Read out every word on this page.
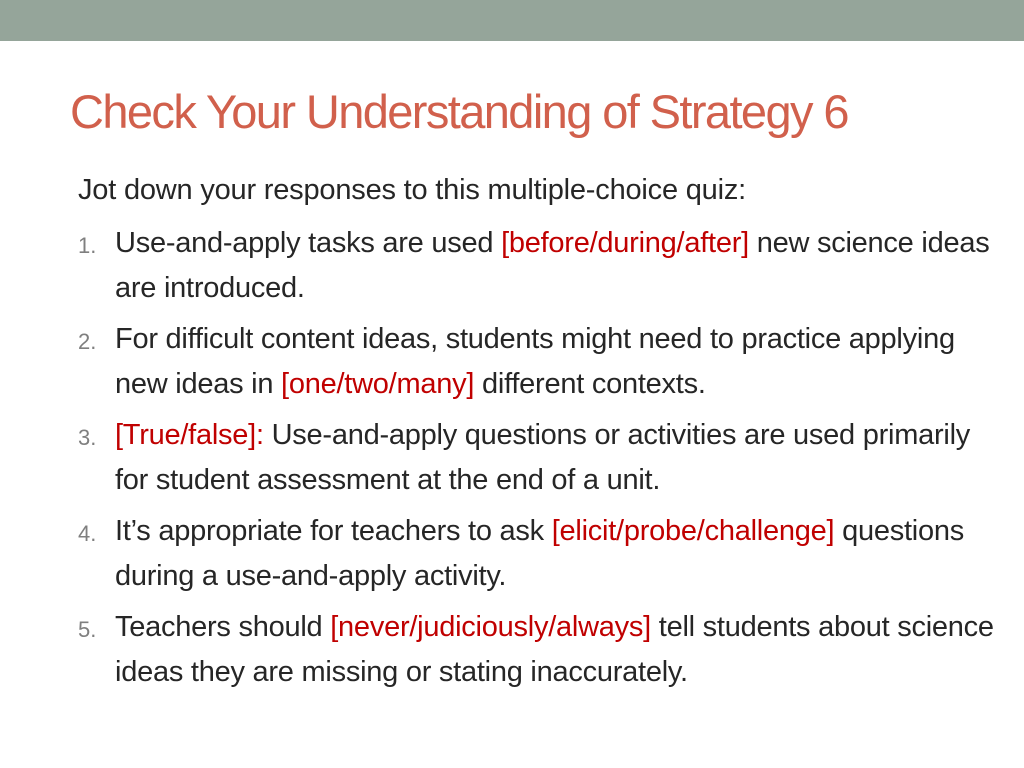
Check Your Understanding of Strategy 6

Jot down your responses to this multiple-choice quiz:

1. Use-and-apply tasks are used [before/during/after] new science ideas are introduced.
2. For difficult content ideas, students might need to practice applying new ideas in [one/two/many] different contexts.
3. [True/false]: Use-and-apply questions or activities are used primarily for student assessment at the end of a unit.
4. It’s appropriate for teachers to ask [elicit/probe/challenge] questions during a use-and-apply activity.
5. Teachers should [never/judiciously/always] tell students about science ideas they are missing or stating inaccurately.
